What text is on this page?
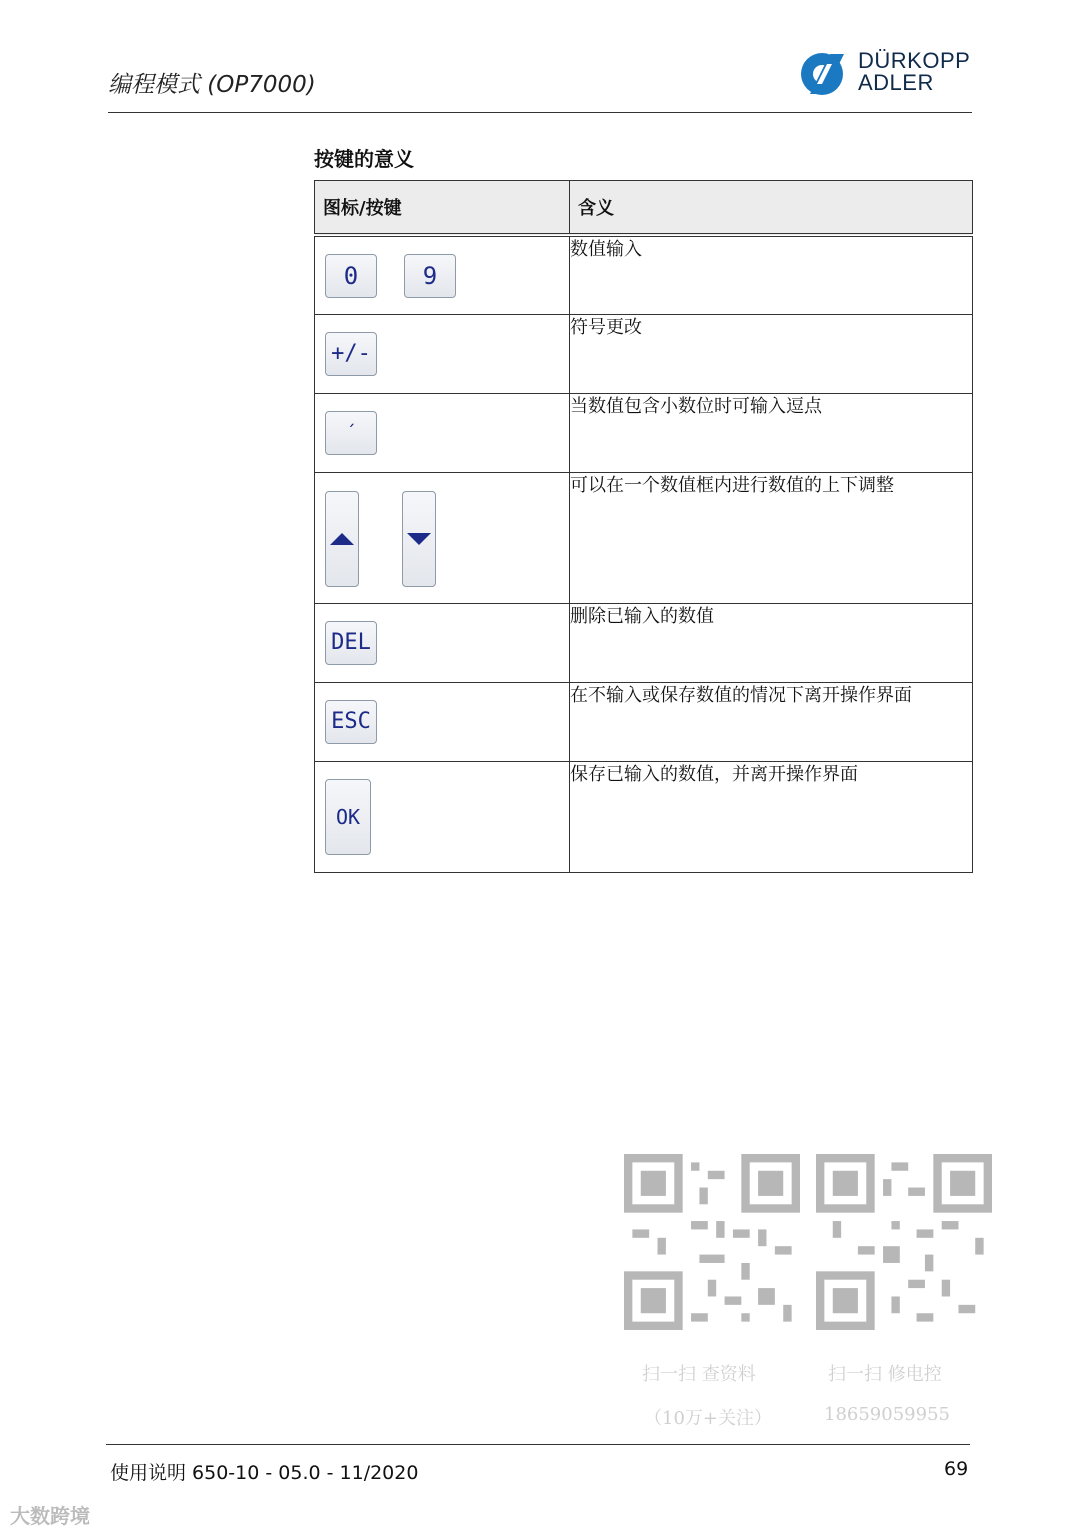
编程模式 (OP7000)
DÜRKOPP
ADLER
按键的意义
图标/按键	含义

0 9	数值输入

+/-	符号更改

´	当数值包含小数位时可输入逗点

	可以在一个数值框内进行数值的上下调整

DEL	删除已输入的数值

ESC	在不输入或保存数值的情况下离开操作界面

OK	保存已输入的数值，并离开操作界面
扫一扫 查资料
（10万+关注）
扫一扫 修电控
18659059955
使用说明 650-10 - 05.0 - 11/2020	69
大数跨境
